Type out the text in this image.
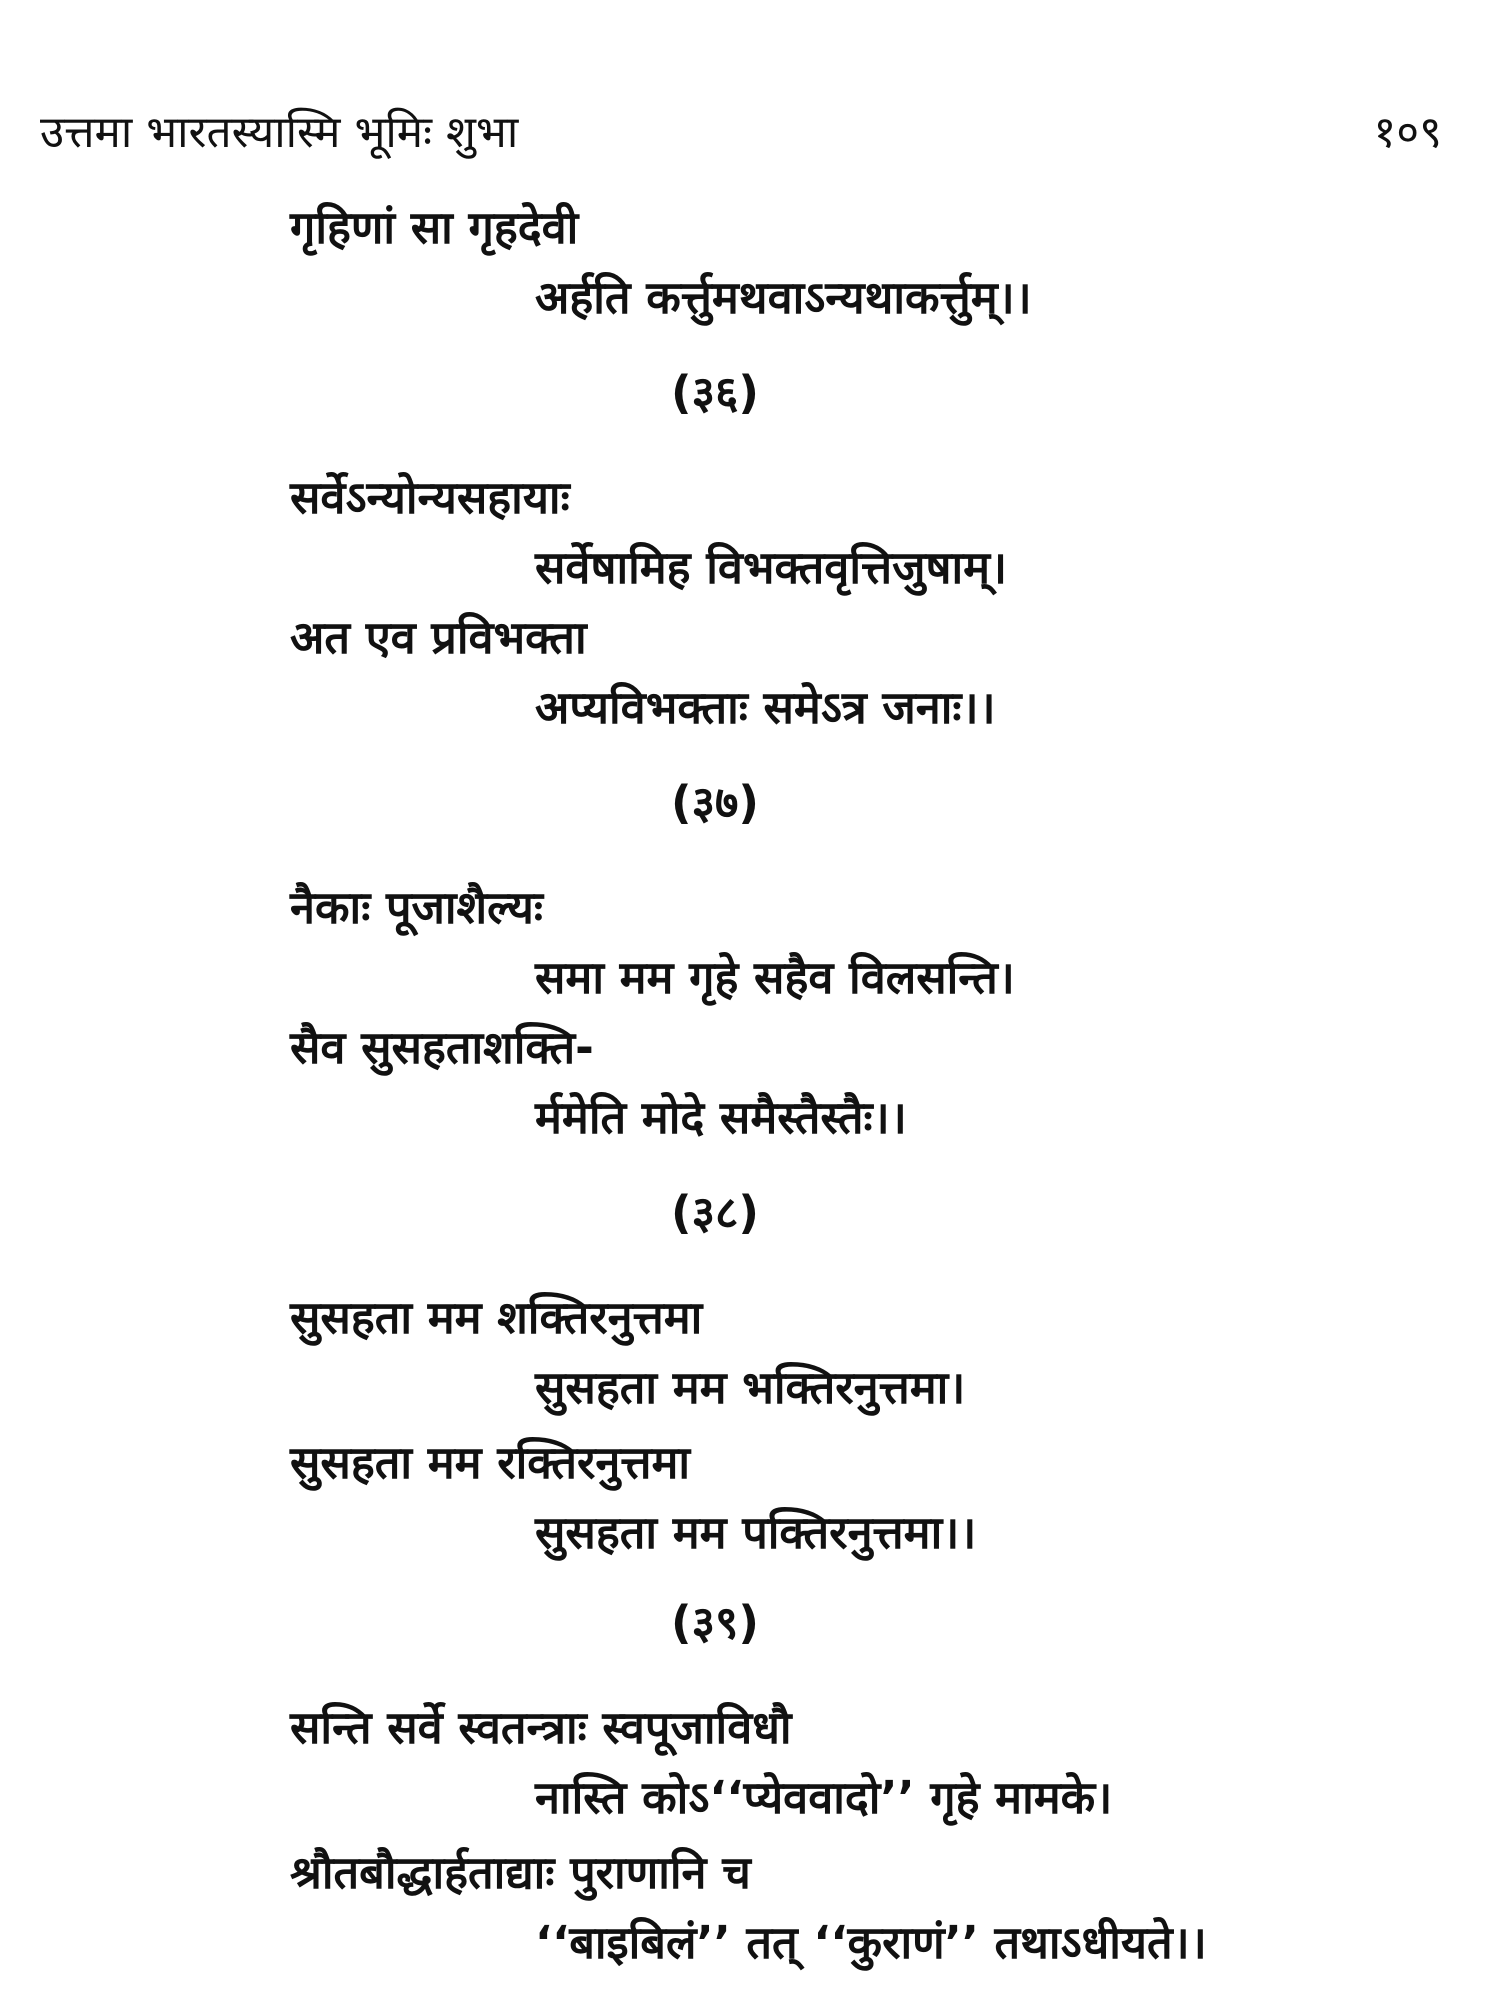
उत्तमा भारतस्यास्मि भूमिः शुभा	१०९
गृहिणां सा गृहदेवी
अर्हति कर्त्तुमथवाऽन्यथाकर्त्तुम्।।
(३६)
सर्वेऽन्योन्यसहायाः
सर्वेषामिह विभक्तवृत्तिजुषाम्।
अत एव प्रविभक्ता
अप्यविभक्ताः समेऽत्र जनाः।।
(३७)
नैकाः पूजाशैल्यः
समा मम गृहे सहैव विलसन्ति।
सैव सुसहताशक्ति-
र्ममेति मोदे समैस्तैस्तैः।।
(३८)
सुसहता मम शक्तिरनुत्तमा
सुसहता मम भक्तिरनुत्तमा।
सुसहता मम रक्तिरनुत्तमा
सुसहता मम पक्तिरनुत्तमा।।
(३९)
सन्ति सर्वे स्वतन्त्राः स्वपूजाविधौ
नास्ति कोऽ‘‘प्येववादो’’ गृहे मामके।
श्रौतबौद्धार्हताद्याः पुराणानि च
‘‘बाइबिलं’’ तत् ‘‘कुराणं’’ तथाऽधीयते।।
